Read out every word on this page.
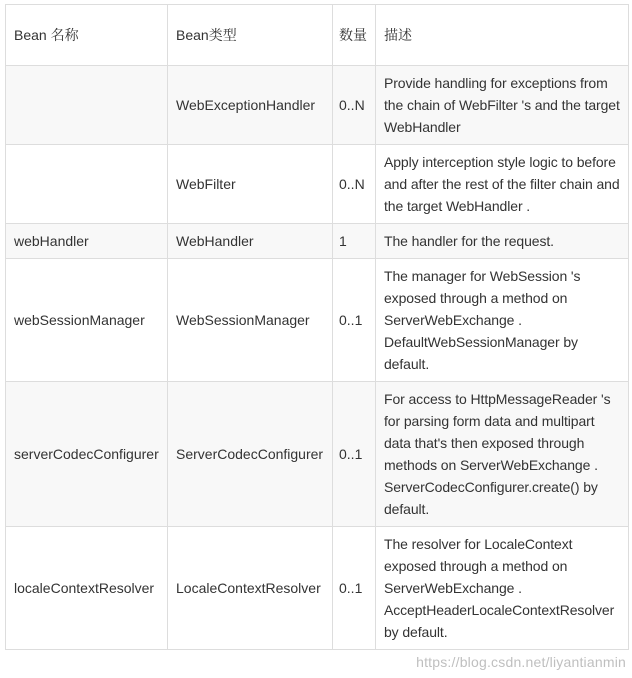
Bean 名称	Bean类型	数量	描述
	WebExceptionHandler	0..N	Provide handling for exceptions from the chain of WebFilter 's and the target WebHandler
	WebFilter	0..N	Apply interception style logic to before and after the rest of the filter chain and the target WebHandler .
webHandler	WebHandler	1	The handler for the request.
webSessionManager	WebSessionManager	0..1	The manager for WebSession 's exposed through a method on ServerWebExchange . DefaultWebSessionManager by default.
serverCodecConfigurer	ServerCodecConfigurer	0..1	For access to HttpMessageReader 's for parsing form data and multipart data that's then exposed through methods on ServerWebExchange . ServerCodecConfigurer.create() by default.
localeContextResolver	LocaleContextResolver	0..1	The resolver for LocaleContext exposed through a method on ServerWebExchange . AcceptHeaderLocaleContextResolver by default.
https://blog.csdn.net/liyantianmin
